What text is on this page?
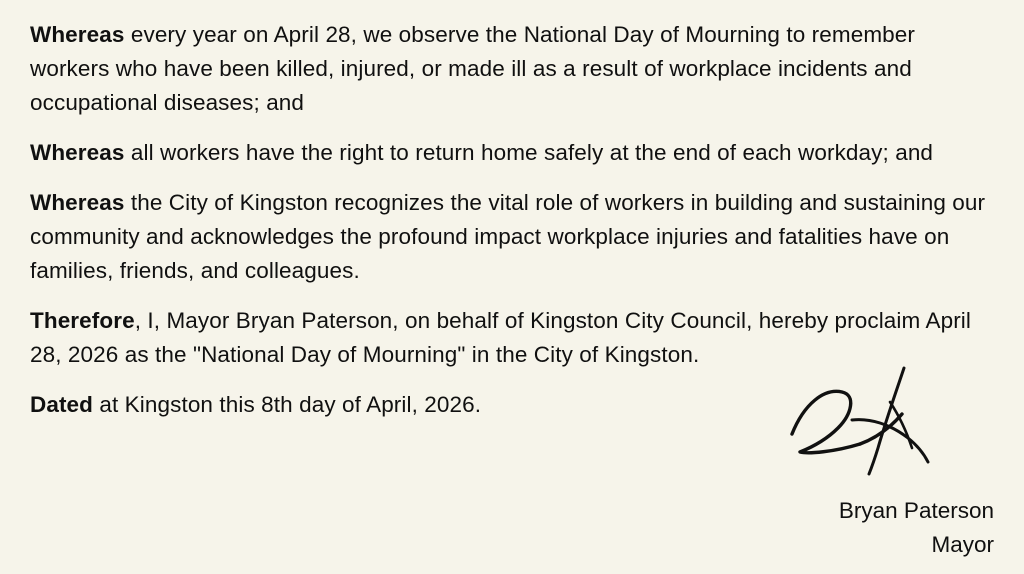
Whereas every year on April 28, we observe the National Day of Mourning to remember workers who have been killed, injured, or made ill as a result of workplace incidents and occupational diseases; and

Whereas all workers have the right to return home safely at the end of each workday; and

Whereas the City of Kingston recognizes the vital role of workers in building and sustaining our community and acknowledges the profound impact workplace injuries and fatalities have on families, friends, and colleagues.

Therefore, I, Mayor Bryan Paterson, on behalf of Kingston City Council, hereby proclaim April 28, 2026 as the "National Day of Mourning" in the City of Kingston.

Dated at Kingston this 8th day of April, 2026.

Bryan Paterson
Mayor
